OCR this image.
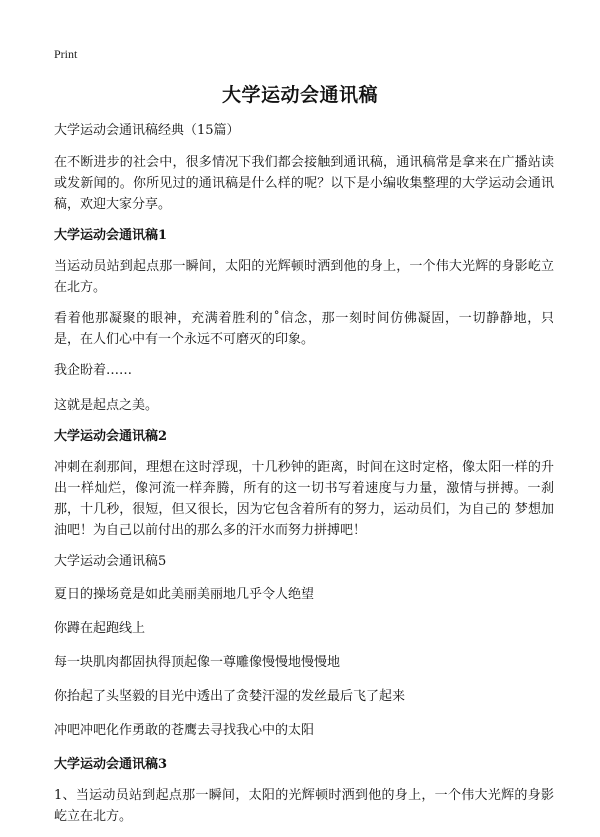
Print
大学运动会通讯稿

大学运动会通讯稿经典（15篇）

在不断进步的社会中，很多情况下我们都会接触到通讯稿，通讯稿常是拿来在广播站读或发新闻的。你所见过的通讯稿是什么样的呢？以下是小编收集整理的大学运动会通讯稿，欢迎大家分享。

大学运动会通讯稿1

当运动员站到起点那一瞬间，太阳的光辉顿时洒到他的身上，一个伟大光辉的身影屹立在北方。

看着他那凝聚的眼神，充满着胜利的˚信念，那一刻时间仿佛凝固，一切静静地，只是，在人们心中有一个永远不可磨灭的印象。

我企盼着……

这就是起点之美。

大学运动会通讯稿2

冲刺在刹那间，理想在这时浮现，十几秒钟的距离，时间在这时定格，像太阳一样的升出一样灿烂，像河流一样奔腾，所有的这一切书写着速度与力量，激情与拼搏。一刹那，十几秒，很短，但又很长，因为它包含着所有的努力，运动员们，为自己的 梦想加油吧！为自己以前付出的那么多的汗水而努力拼搏吧！

大学运动会通讯稿5

夏日的操场竟是如此美丽美丽地几乎令人绝望

你蹲在起跑线上

每一块肌肉都固执得顶起像一尊雕像慢慢地慢慢地

你抬起了头坚毅的目光中透出了贪婪汗湿的发丝最后飞了起来

冲吧冲吧化作勇敢的苍鹰去寻找我心中的太阳

大学运动会通讯稿3

1、当运动员站到起点那一瞬间，太阳的光辉顿时洒到他的身上，一个伟大光辉的身影屹立在北方。
